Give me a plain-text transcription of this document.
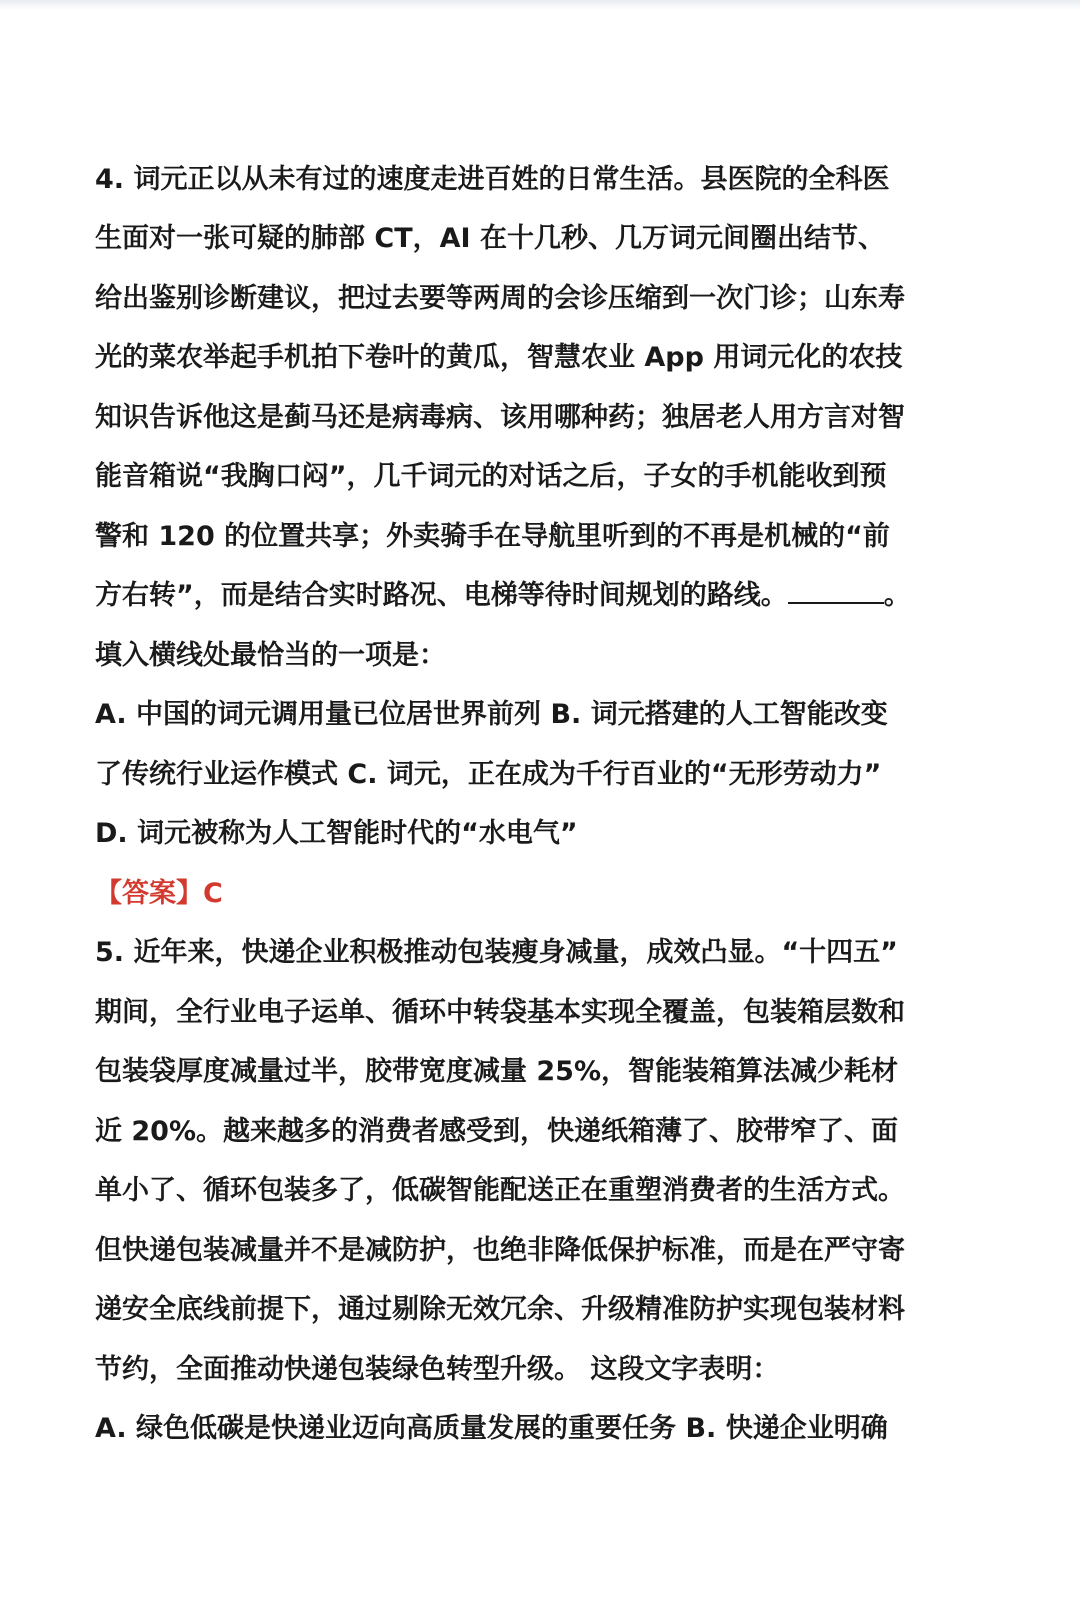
4. 词元正以从未有过的速度走进百姓的日常生活。县医院的全科医
生面对一张可疑的肺部 CT，AI 在十几秒、几万词元间圈出结节、
给出鉴别诊断建议，把过去要等两周的会诊压缩到一次门诊；山东寿
光的菜农举起手机拍下卷叶的黄瓜，智慧农业 App 用词元化的农技
知识告诉他这是蓟马还是病毒病、该用哪种药；独居老人用方言对智
能音箱说“我胸口闷”，几千词元的对话之后，子女的手机能收到预
警和 120 的位置共享；外卖骑手在导航里听到的不再是机械的“前
方右转”，而是结合实时路况、电梯等待时间规划的路线。	。
填入横线处最恰当的一项是：
A. 中国的词元调用量已位居世界前列 B. 词元搭建的人工智能改变
了传统行业运作模式 C. 词元，正在成为千行百业的“无形劳动力”
D. 词元被称为人工智能时代的“水电气”
【答案】C
5. 近年来，快递企业积极推动包装瘦身减量，成效凸显。“十四五”
期间，全行业电子运单、循环中转袋基本实现全覆盖，包装箱层数和
包装袋厚度减量过半，胶带宽度减量 25%，智能装箱算法减少耗材
近 20%。越来越多的消费者感受到，快递纸箱薄了、胶带窄了、面
单小了、循环包装多了，低碳智能配送正在重塑消费者的生活方式。
但快递包装减量并不是减防护，也绝非降低保护标准，而是在严守寄
递安全底线前提下，通过剔除无效冗余、升级精准防护实现包装材料
节约，全面推动快递包装绿色转型升级。 这段文字表明：
A. 绿色低碳是快递业迈向高质量发展的重要任务 B. 快递企业明确
